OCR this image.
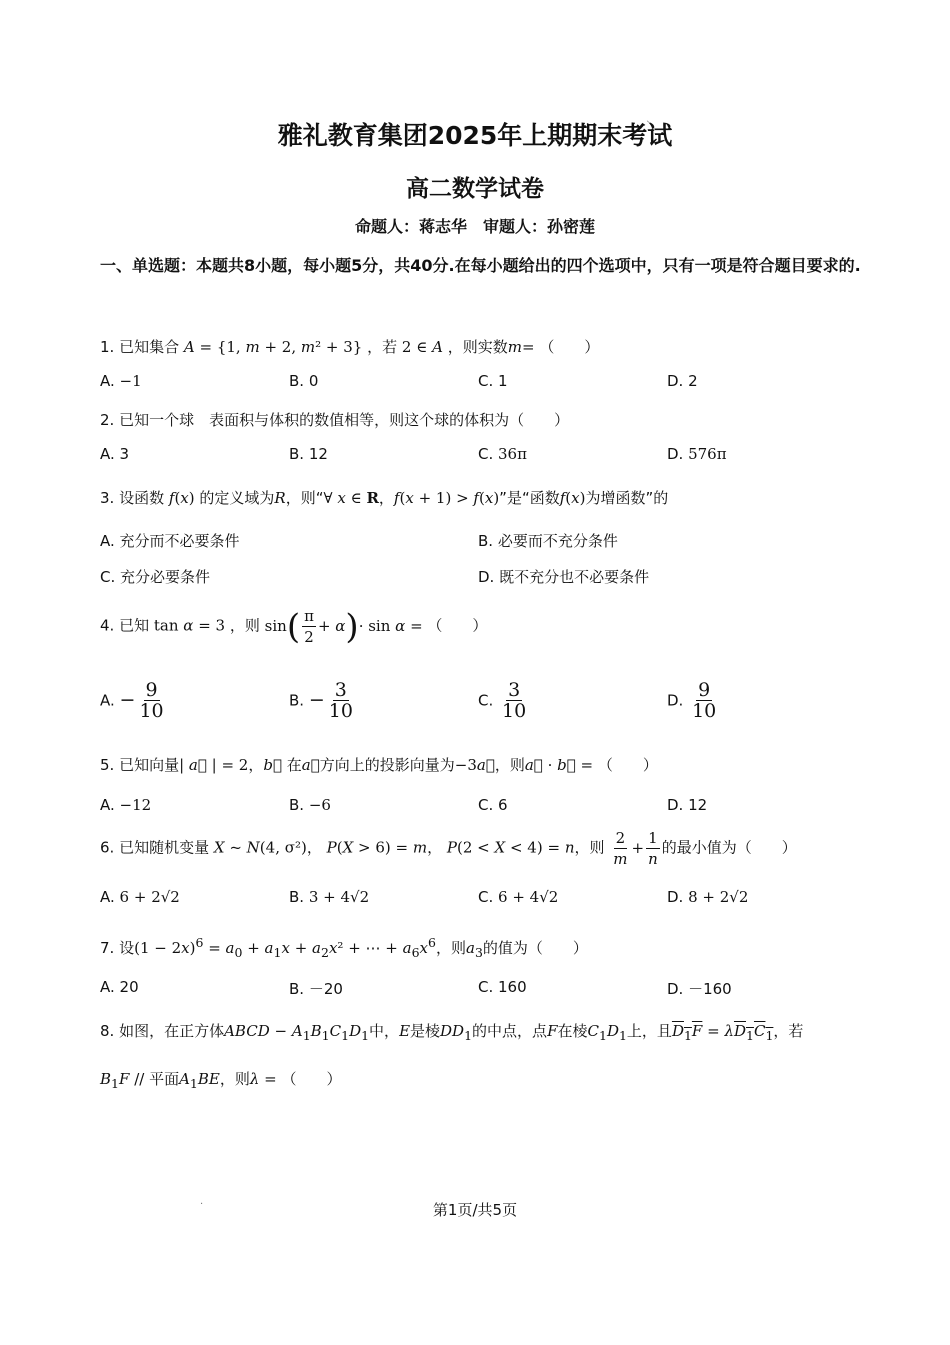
ˎ
雅礼教育集团2025年上期期末考试
高二数学试卷
命题人：蒋志华　审题人：孙密莲
一、单选题：本题共8小题，每小题5分，共40分.在每小题给出的四个选项中，只有一项是符合题目要求的.
1. 已知集合 A = {1, m + 2, m² + 3} ，若 2 ∈ A ，则实数m= （　　）
A. −1	B. 0	C. 1	D. 2
2. 已知一个球　表面积与体积的数值相等，则这个球的体积为（　　）
A. 3	B. 12	C. 36π	D. 576π
3. 设函数 f(x) 的定义域为R，则“∀ x ∈ R，f(x + 1) > f(x)”是“函数f(x)为增函数”的
A. 充分而不必要条件	B. 必要而不充分条件
C. 充分必要条件	D. 既不充分也不必要条件
4. 已知 tan α = 3 ，则 $\sin( \frac{\pi}{2} + \alpha)\cdot \sin \alpha$ = （　　）
A. − $\frac{9}{10}$	B. − $\frac{3}{10}$	C. $\frac{3}{10}$	D. $\frac{9}{10}$
5. 已知向量| a⃗ | = 2，b⃗ 在a⃗方向上的投影向量为−3a⃗，则a⃗ · b⃗ = （　　）
A. −12	B. −6	C. 6	D. 12
6. 已知随机变量 X ~ N(4, σ²)， P(X > 6) = m， P(2 < X < 4) = n，则 $\frac{2}{m} + \frac{1}{n}$ 的最小值为（　　）
A. 6 + 2√2	B. 3 + 4√2	C. 6 + 4√2	D. 8 + 2√2
7. 设$(1 - 2x)^6 = a_0 + a_1x + a_2x^2$ + ⋯ + $a_6x^6$，则$a_3$的值为（　　）
A. 20	B. －20	C. 160	D. －160
8. 如图，在正方体ABCD − $A_1B_1C_1D_1$中，E是棱$DD_1$的中点，点F在棱$C_1D_1$上，且$D_1F = \lambda D_1C_1$，若
$B_1F$ // 平面$A_1BE$，则λ = （　　）
.	第1页/共5页
